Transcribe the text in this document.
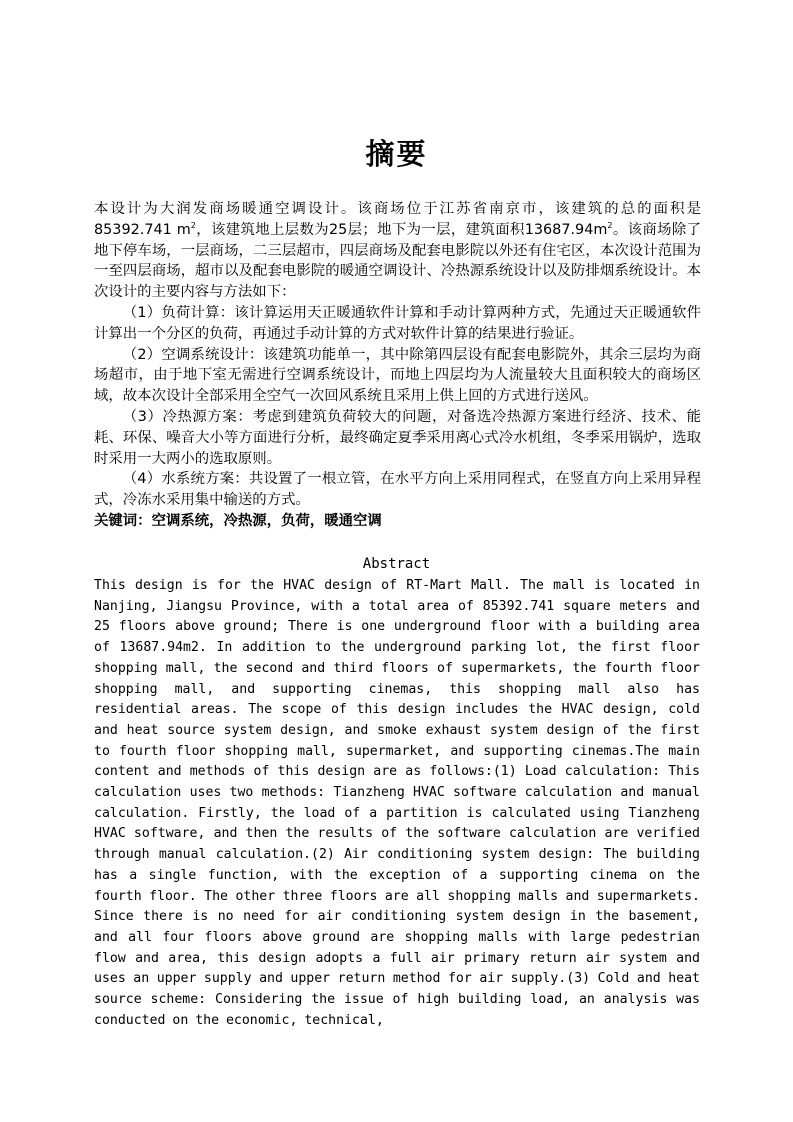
摘要

本设计为大润发商场暖通空调设计。该商场位于江苏省南京市，该建筑的总的面积是85392.741 $m^2$，该建筑地上层数为25层；地下为一层，建筑面积$13687.94m^2$。该商场除了地下停车场，一层商场，二三层超市，四层商场及配套电影院以外还有住宅区，本次设计范围为一至四层商场，超市以及配套电影院的暖通空调设计、冷热源系统设计以及防排烟系统设计。本次设计的主要内容与方法如下：

（1）负荷计算：该计算运用天正暖通软件计算和手动计算两种方式，先通过天正暖通软件计算出一个分区的负荷，再通过手动计算的方式对软件计算的结果进行验证。

（2）空调系统设计：该建筑功能单一，其中除第四层设有配套电影院外，其余三层均为商场超市，由于地下室无需进行空调系统设计，而地上四层均为人流量较大且面积较大的商场区域，故本次设计全部采用全空气一次回风系统且采用上供上回的方式进行送风。

（3）冷热源方案：考虑到建筑负荷较大的问题，对备选冷热源方案进行经济、技术、能耗、环保、噪音大小等方面进行分析，最终确定夏季采用离心式冷水机组，冬季采用锅炉，选取时采用一大两小的选取原则。

（4）水系统方案：共设置了一根立管，在水平方向上采用同程式，在竖直方向上采用异程式，冷冻水采用集中输送的方式。

关键词：空调系统，冷热源，负荷，暖通空调

Abstract

This design is for the HVAC design of RT-Mart Mall. The mall is located in Nanjing, Jiangsu Province, with a total area of 85392.741 square meters and 25 floors above ground; There is one underground floor with a building area of 13687.94m2. In addition to the underground parking lot, the first floor shopping mall, the second and third floors of supermarkets, the fourth floor shopping mall, and supporting cinemas, this shopping mall also has residential areas. The scope of this design includes the HVAC design, cold and heat source system design, and smoke exhaust system design of the first to fourth floor shopping mall, supermarket, and supporting cinemas.The main content and methods of this design are as follows:(1) Load calculation: This calculation uses two methods: Tianzheng HVAC software calculation and manual calculation. Firstly, the load of a partition is calculated using Tianzheng HVAC software, and then the results of the software calculation are verified through manual calculation.(2) Air conditioning system design: The building has a single function, with the exception of a supporting cinema on the fourth floor. The other three floors are all shopping malls and supermarkets. Since there is no need for air conditioning system design in the basement, and all four floors above ground are shopping malls with large pedestrian flow and area, this design adopts a full air primary return air system and uses an upper supply and upper return method for air supply.(3) Cold and heat source scheme: Considering the issue of high building load, an analysis was conducted on the economic, technical,
